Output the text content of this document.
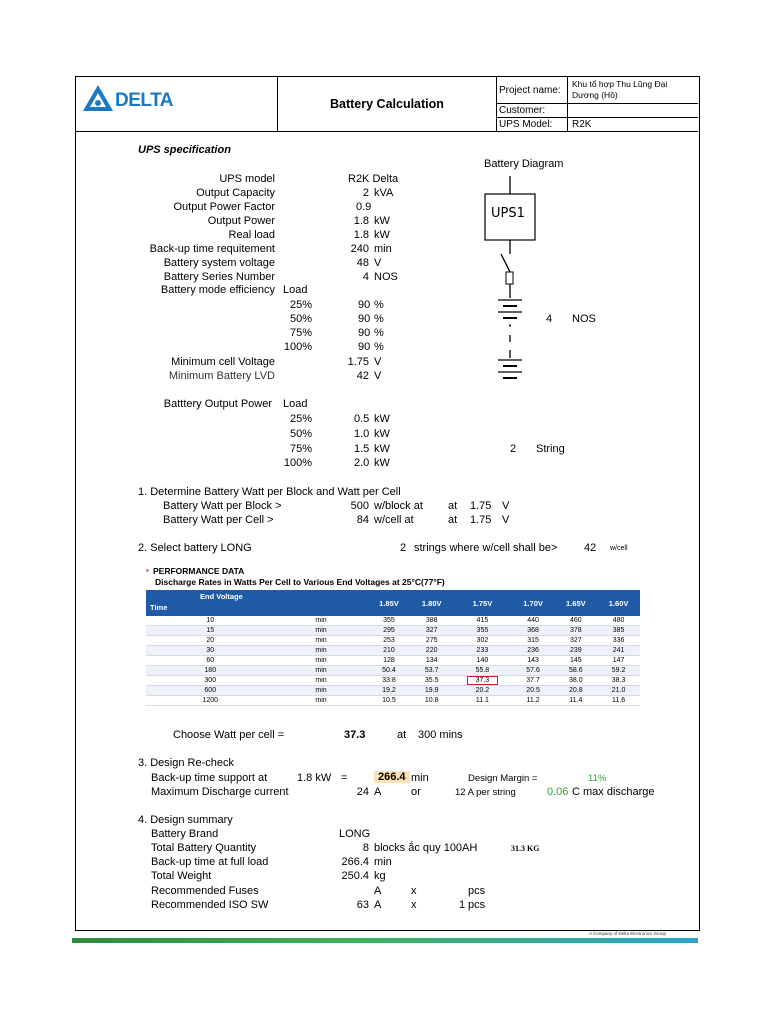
DELTA	Battery Calculation
Project name:
Khu tổ hợp Thu Lũng Đại Dương (Hồ)
Customer:
UPS Model: R2K
UPS specification
UPS model	R2K Delta
Output Capacity	2 kVA
Output Power Factor	0.9
Output Power	1.8 kW
Real load	1.8 kW
Back-up time requitement	240 min
Battery system voltage	48 V
Battery Series Number	4 NOS
Battery mode efficiency Load
25%	90 %
50%	90 %
75%	90 %
100%	90 %
Minimum cell Voltage	1.75 V
Minimum Battery LVD	42 V
Batttery Output Power Load
25%	0.5 kW
50%	1.0 kW
75%	1.5 kW
100%	2.0 kW
Battery Diagram
UPS1
4 NOS
2 String
1. Determine Battery Watt per Block and Watt per Cell
Battery Watt per Block >	500 w/block at at 1.75 V
Battery Watt per Cell >	84 w/cell at	at 1.75 V
2. Select battery LONG	2 strings where w/cell shall be> 42 w/cell
▪ PERFORMANCE DATA
Discharge Rates in Watts Per Cell to Various End Voltages at 25°C(77°F)
End Voltage
Time		1.85V	1.80V	1.75V	1.70V	1.65V	1.60V
10	min	355	388	415	440	460	480
15	min	295	327	355	368	378	385
20	min	253	275	302	315	327	336
30	min	210	220	233	236	239	241
60	min	128	134	140	143	145	147
180	min	50.4	53.7	55.8	57.6	58.6	59.2
300	min	33.8	35.5	37.3	37.7	38.0	38.3
600	min	19.2	19.9	20.2	20.5	20.8	21.0
1200	min	10.5	10.8	11.1	11.2	11.4	11.6
Choose Watt per cell =	37.3	at 300 mins
3. Design Re-check
Back-up time support at	1.8 kW =	266.4 min	Design Margin =	11%
Maximum Discharge current	24 A	or	12 A per string	0.06 C max discharge
4. Design summary
Battery Brand	LONG
Total Battery Quantity	8 blocks ắc quy 100AH	31.3 KG
Back-up time at full load	266.4 min
Total Weight	250.4 kg
Recommended Fuses	A	x	pcs
Recommended ISO SW	63 A	x	1 pcs
A Company of Delta Electronics Group
